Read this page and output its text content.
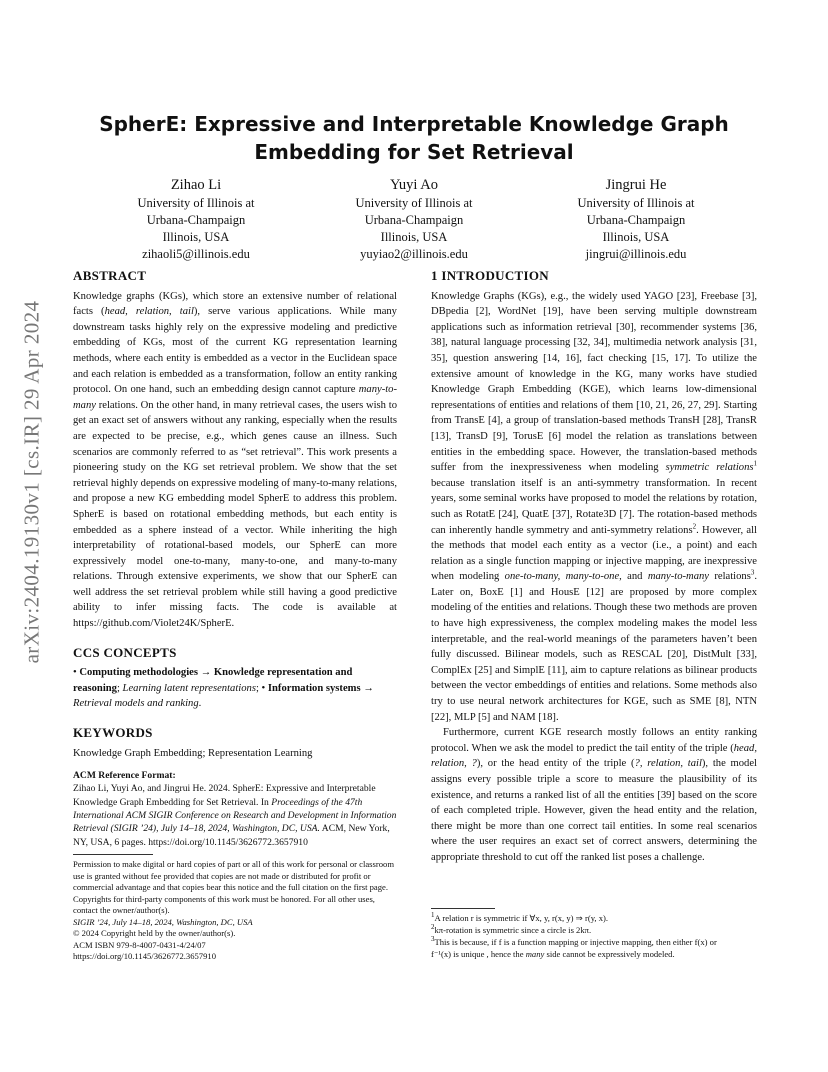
arXiv:2404.19130v1 [cs.IR] 29 Apr 2024
SpherE: Expressive and Interpretable Knowledge Graph
Embedding for Set Retrieval
Zihao Li
University of Illinois at
Urbana-Champaign
Illinois, USA
zihaoli5@illinois.edu
Yuyi Ao
University of Illinois at
Urbana-Champaign
Illinois, USA
yuyiao2@illinois.edu
Jingrui He
University of Illinois at
Urbana-Champaign
Illinois, USA
jingrui@illinois.edu
ABSTRACT

Knowledge graphs (KGs), which store an extensive number of relational facts (head, relation, tail), serve various applications. While many downstream tasks highly rely on the expressive modeling and predictive embedding of KGs, most of the current KG representation learning methods, where each entity is embedded as a vector in the Euclidean space and each relation is embedded as a transformation, follow an entity ranking protocol. On one hand, such an embedding design cannot capture many-to-many relations. On the other hand, in many retrieval cases, the users wish to get an exact set of answers without any ranking, especially when the results are expected to be precise, e.g., which genes cause an illness. Such scenarios are commonly referred to as “set retrieval”. This work presents a pioneering study on the KG set retrieval problem. We show that the set retrieval highly depends on expressive modeling of many-to-many relations, and propose a new KG embedding model SpherE to address this problem. SpherE is based on rotational embedding methods, but each entity is embedded as a sphere instead of a vector. While inheriting the high interpretability of rotational-based models, our SpherE can more expressively model one-to-many, many-to-one, and many-to-many relations. Through extensive experiments, we show that our SpherE can well address the set retrieval problem while still having a good predictive ability to infer missing facts. The code is available at https://github.com/Violet24K/SpherE.

CCS CONCEPTS

• Computing methodologies → Knowledge representation and reasoning; Learning latent representations; • Information systems → Retrieval models and ranking.

KEYWORDS

Knowledge Graph Embedding; Representation Learning

ACM Reference Format:

Zihao Li, Yuyi Ao, and Jingrui He. 2024. SpherE: Expressive and Interpretable Knowledge Graph Embedding for Set Retrieval. In Proceedings of the 47th International ACM SIGIR Conference on Research and Development in Information Retrieval (SIGIR ’24), July 14–18, 2024, Washington, DC, USA. ACM, New York, NY, USA, 6 pages. https://doi.org/10.1145/3626772.3657910

Permission to make digital or hard copies of part or all of this work for personal or classroom use is granted without fee provided that copies are not made or distributed for profit or commercial advantage and that copies bear this notice and the full citation on the first page. Copyrights for third-party components of this work must be honored. For all other uses, contact the owner/author(s).
SIGIR ’24, July 14–18, 2024, Washington, DC, USA
© 2024 Copyright held by the owner/author(s).
ACM ISBN 979-8-4007-0431-4/24/07
https://doi.org/10.1145/3626772.3657910
1 INTRODUCTION

Knowledge Graphs (KGs), e.g., the widely used YAGO [23], Freebase [3], DBpedia [2], WordNet [19], have been serving multiple downstream applications such as information retrieval [30], recommender systems [36, 38], natural language processing [32, 34], multimedia network analysis [31, 35], question answering [14, 16], fact checking [15, 17]. To utilize the extensive amount of knowledge in the KG, many works have studied Knowledge Graph Embedding (KGE), which learns low-dimensional representations of entities and relations of them [10, 21, 26, 27, 29]. Starting from TransE [4], a group of translation-based methods TransH [28], TransR [13], TransD [9], TorusE [6] model the relation as translations between entities in the embedding space. However, the translation-based methods suffer from the inexpressiveness when modeling symmetric relations$^1$ because translation itself is an anti-symmetry transformation. In recent years, some seminal works have proposed to model the relations by rotation, such as RotatE [24], QuatE [37], Rotate3D [7]. The rotation-based methods can inherently handle symmetry and anti-symmetry relations$^2$. However, all the methods that model each entity as a vector (i.e., a point) and each relation as a single function mapping or injective mapping, are inexpressive when modeling one-to-many, many-to-one, and many-to-many relations$^3$. Later on, BoxE [1] and HousE [12] are proposed by more complex modeling of the entities and relations. Though these two methods are proven to have high expressiveness, the complex modeling makes the model less interpretable, and the real-world meanings of the parameters haven’t been fully discussed. Bilinear models, such as RESCAL [20], DistMult [33], ComplEx [25] and SimplE [11], aim to capture relations as bilinear products between the vector embeddings of entities and relations. Some methods also try to use neural network architectures for KGE, such as SME [8], NTN [22], MLP [5] and NAM [18].

Furthermore, current KGE research mostly follows an entity ranking protocol. When we ask the model to predict the tail entity of the triple (head, relation, ?), or the head entity of the triple (?, relation, tail), the model assigns every possible triple a score to measure the plausibility of its existence, and returns a ranked list of all the entities [39] based on the score of each completed triple. However, given the head entity and the relation, there might be more than one correct tail entities. In some real scenarios where the user requires an exact set of correct answers, determining the appropriate threshold to cut off the ranked list poses a challenge.

$^1$A relation r is symmetric if ∀x, y, r(x, y) ⇒ r(y, x).
$^2$kπ-rotation is symmetric since a circle is 2kπ.
$^3$This is because, if f is a function mapping or injective mapping, then either f(x) or
f⁻¹(x) is unique , hence the many side cannot be expressively modeled.
